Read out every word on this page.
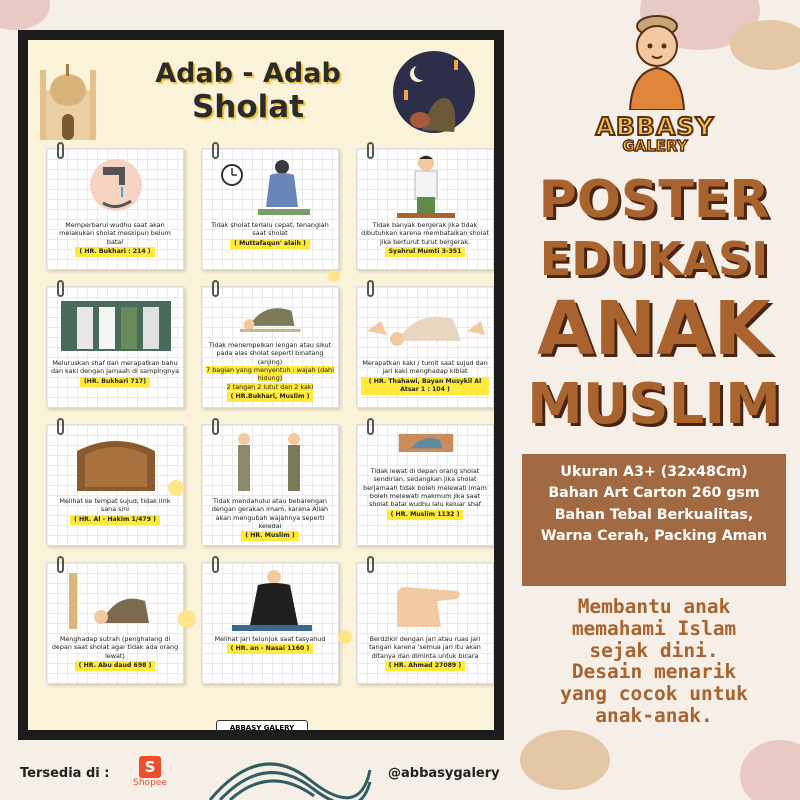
Adab - Adab
Sholat
Memperbarui wudhu saat akan melakukan sholat meskipun belum batal
( HR. Bukhari : 214 )
Tidak sholat terlalu cepat, tenanglah saat sholat
( Muttafaqun' alaih )
Tidak banyak bergerak jika tidak dibutuhkan karena membatalkan sholat jika berturut turut bergerak.
Syahrul Mumti 3-351
Meluruskan shaf dan merapatkan bahu dan kaki dengan jamaah di sampingnya
(HR. Bukhari 717)
Tidak menempelkan lengan atau sikut pada alas sholat seperti binatang (anjing)
7 bagian yang menyentuh : wajah (dahi hidung)
2 tangan 2 lutut dan 2 kaki
( HR.Bukhari, Muslim )
Merapatkan kaki / tumit saat sujud dan jari kaki menghadap kiblat
( HR. Thahawi, Bayan Musykil Al Atsar 1 : 104 )
Melihat ke tempat sujud, tidak lirik sana sini
( HR. Al - Hakim 1/479 )
Tidak mendahului atau bebarengan dengan gerakan imam, karena Allah akan mengubah wajahnya seperti keledai
( HR. Muslim )
Tidak lewat di depan orang sholat sendirian, sedangkan jika sholat berjamaah tidak boleh melewati imam boleh melewati makmum jika saat sholat batal wudhu lalu keluar shaf
( HR. Muslim 1132 )
Menghadap sutrah (penghalang di depan saat sholat agar tidak ada orang lewat)
( HR. Abu daud 698 )
Melihat jari telunjuk saat tasyahud
( HR. an - Nasai 1160 )
Berdzikir dengan jari atau ruas jari tangan karena 'semua jari itu akan ditanya dan diminta untuk bicara
( HR. Ahmad 27089 )
ABBASY GALERY
ABBASY
GALERY
POSTER
EDUKASI
ANAK
MUSLIM
Ukuran A3+ (32x48Cm)
Bahan Art Carton 260 gsm
Bahan Tebal Berkualitas,
Warna Cerah, Packing Aman
Membantu anak
memahami Islam
sejak dini.
Desain menarik
yang cocok untuk
anak-anak.
Tersedia di :	S
Shopee
@abbasygalery
